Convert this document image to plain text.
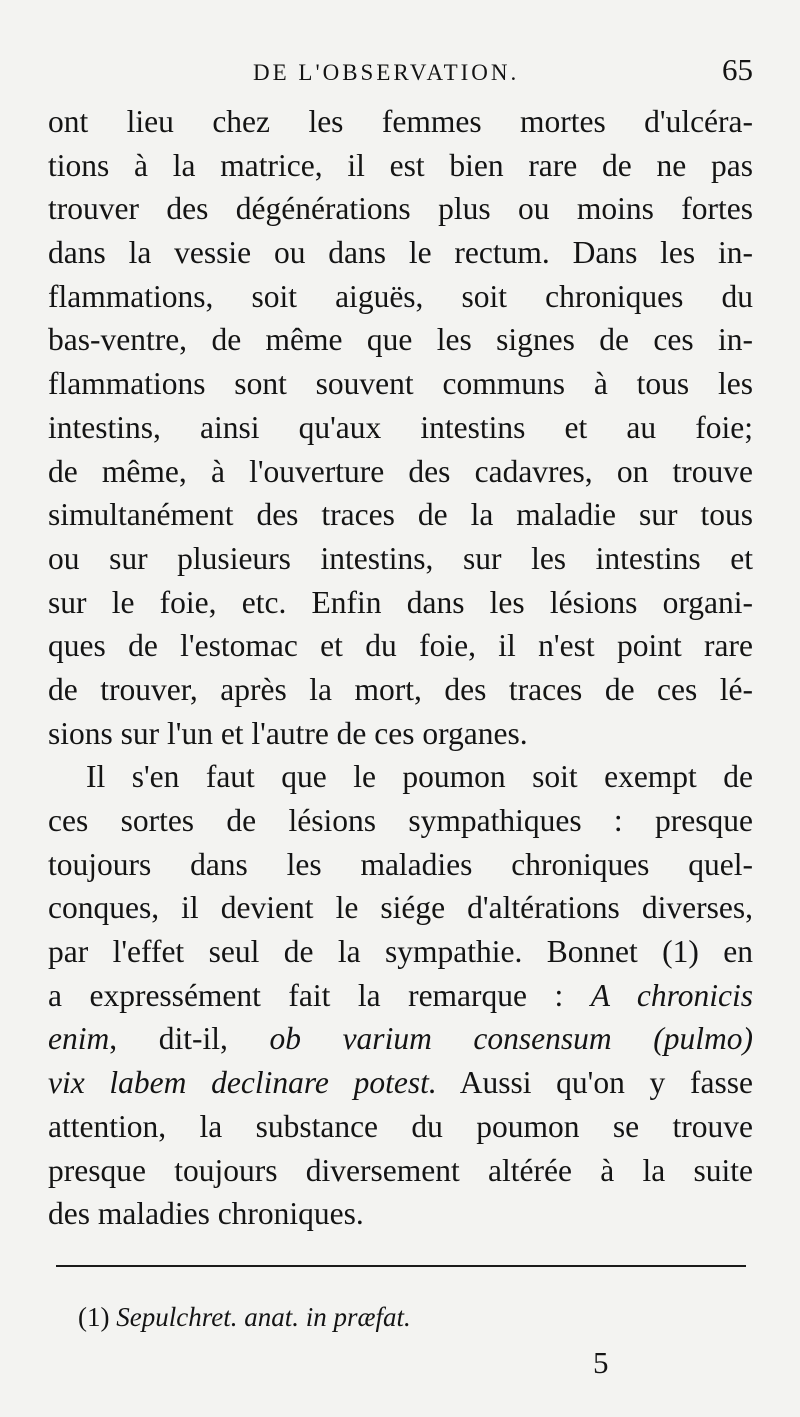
DE L'OBSERVATION.	65
ont lieu chez les femmes mortes d'ulcéra-
tions à la matrice, il est bien rare de ne pas
trouver des dégénérations plus ou moins fortes
dans la vessie ou dans le rectum. Dans les in-
flammations, soit aiguës, soit chroniques du
bas-ventre, de même que les signes de ces in-
flammations sont souvent communs à tous les
intestins, ainsi qu'aux intestins et au foie;
de même, à l'ouverture des cadavres, on trouve
simultanément des traces de la maladie sur tous
ou sur plusieurs intestins, sur les intestins et
sur le foie, etc. Enfin dans les lésions organi-
ques de l'estomac et du foie, il n'est point rare
de trouver, après la mort, des traces de ces lé-
sions sur l'un et l'autre de ces organes.
Il s'en faut que le poumon soit exempt de
ces sortes de lésions sympathiques : presque
toujours dans les maladies chroniques quel-
conques, il devient le siége d'altérations diverses,
par l'effet seul de la sympathie. Bonnet (1) en
a expressément fait la remarque : A chronicis
enim, dit-il, ob varium consensum (pulmo)
vix labem declinare potest. Aussi qu'on y fasse
attention, la substance du poumon se trouve
presque toujours diversement altérée à la suite
des maladies chroniques.
(1) Sepulchret. anat. in præfat.
5
